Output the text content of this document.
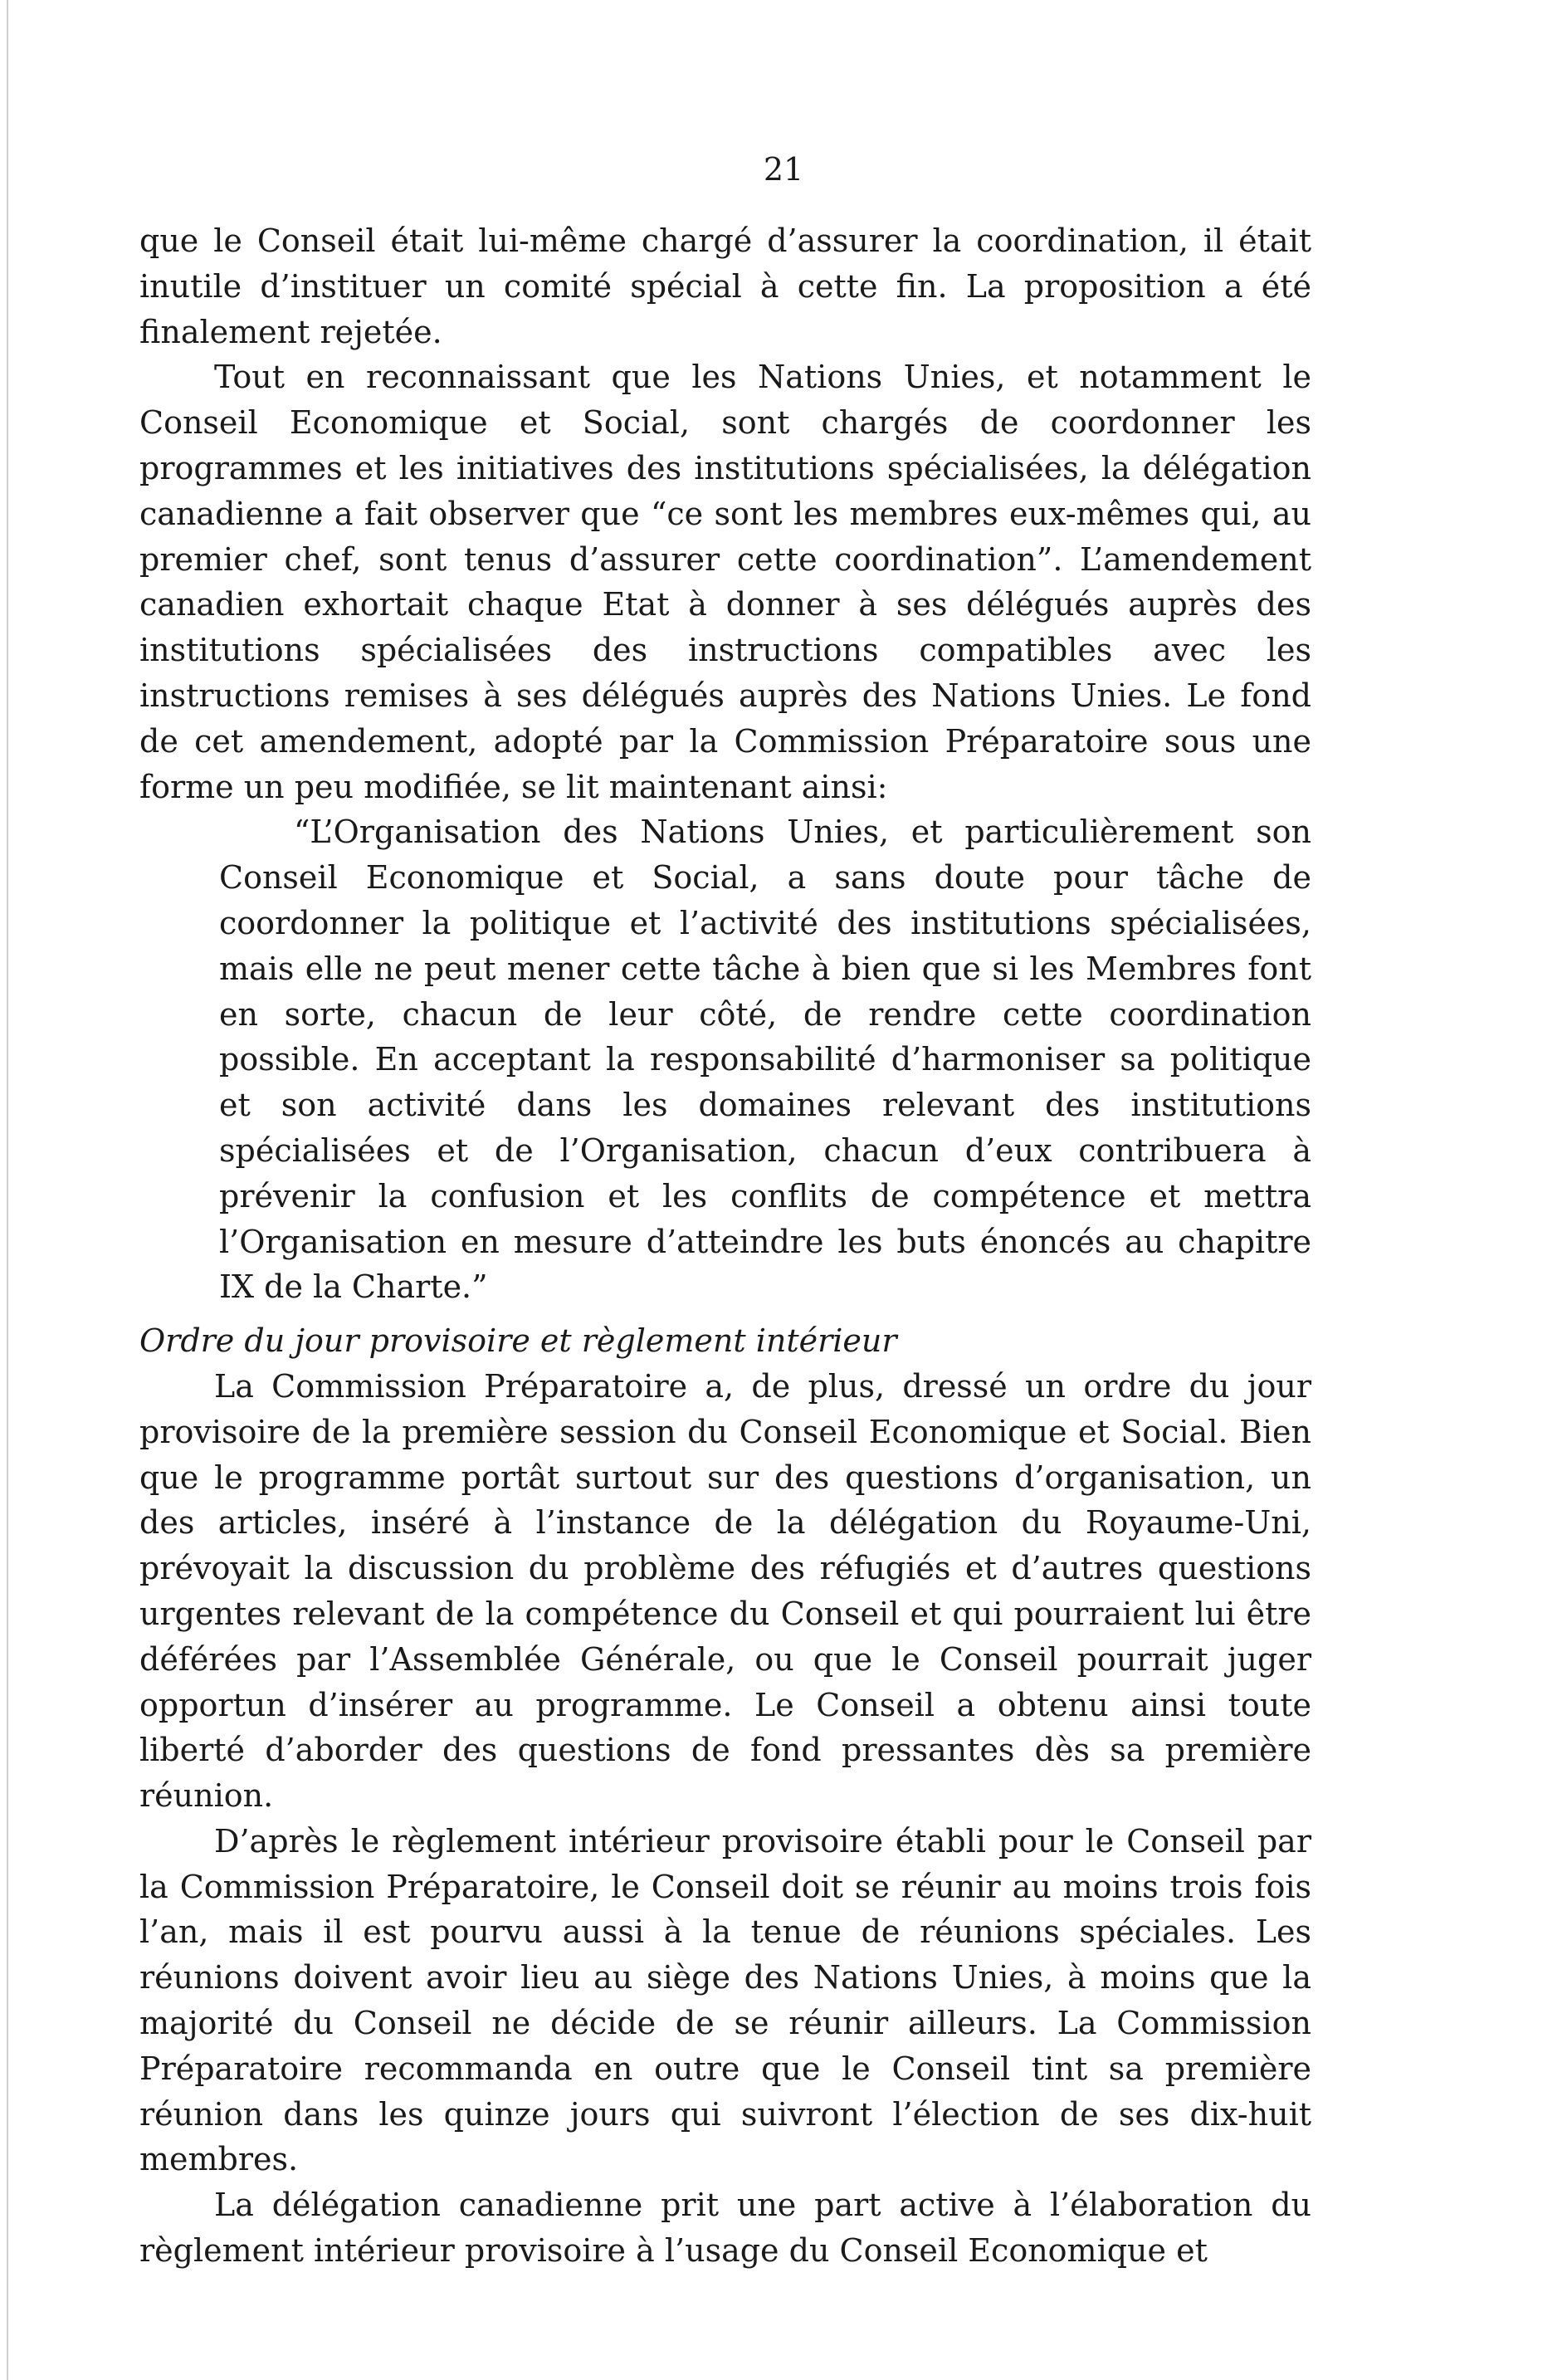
21

que le Conseil était lui-même chargé d’assurer la coordination, il était inutile d’instituer un comité spécial à cette fin. La proposition a été finalement rejetée.

Tout en reconnaissant que les Nations Unies, et notamment le Conseil Economique et Social, sont chargés de coordonner les programmes et les initiatives des institutions spécialisées, la délégation canadienne a fait observer que “ce sont les membres eux-mêmes qui, au premier chef, sont tenus d’assurer cette coordination”. L’amendement canadien exhortait chaque Etat à donner à ses délégués auprès des institutions spécialisées des instructions compatibles avec les instructions remises à ses délégués auprès des Nations Unies. Le fond de cet amendement, adopté par la Commission Préparatoire sous une forme un peu modifiée, se lit maintenant ainsi:

“L’Organisation des Nations Unies, et particulièrement son Conseil Economique et Social, a sans doute pour tâche de coordonner la politique et l’activité des institutions spécialisées, mais elle ne peut mener cette tâche à bien que si les Membres font en sorte, chacun de leur côté, de rendre cette coordination possible. En acceptant la responsabilité d’harmoniser sa politique et son activité dans les domaines relevant des institutions spécialisées et de l’Organisation, chacun d’eux contribuera à prévenir la confusion et les conflits de compétence et mettra l’Organisation en mesure d’atteindre les buts énoncés au chapitre IX de la Charte.”

Ordre du jour provisoire et règlement intérieur

La Commission Préparatoire a, de plus, dressé un ordre du jour provisoire de la première session du Conseil Economique et Social. Bien que le programme portât surtout sur des questions d’organisation, un des articles, inséré à l’instance de la délégation du Royaume-Uni, prévoyait la discussion du problème des réfugiés et d’autres questions urgentes relevant de la compétence du Conseil et qui pourraient lui être déférées par l’Assemblée Générale, ou que le Conseil pourrait juger opportun d’insérer au programme. Le Conseil a obtenu ainsi toute liberté d’aborder des questions de fond pressantes dès sa première réunion.

D’après le règlement intérieur provisoire établi pour le Conseil par la Commission Préparatoire, le Conseil doit se réunir au moins trois fois l’an, mais il est pourvu aussi à la tenue de réunions spéciales. Les réunions doivent avoir lieu au siège des Nations Unies, à moins que la majorité du Conseil ne décide de se réunir ailleurs. La Commission Préparatoire recommanda en outre que le Conseil tint sa première réunion dans les quinze jours qui suivront l’élection de ses dix-huit membres.

La délégation canadienne prit une part active à l’élaboration du règlement intérieur provisoire à l’usage du Conseil Economique et
